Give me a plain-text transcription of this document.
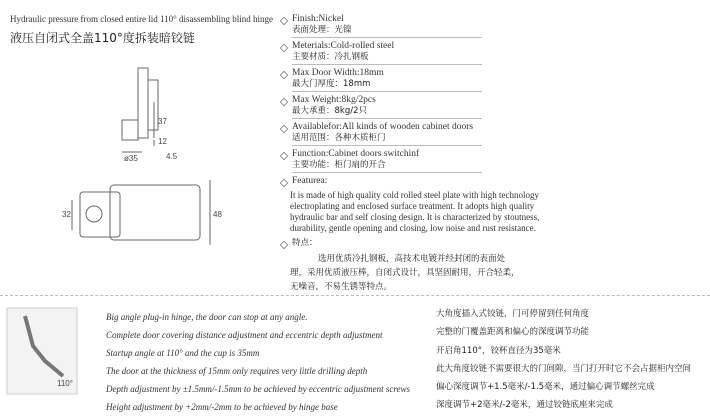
Hydraulic pressure from closed entire lid 110° disassembling blind hinge
液压自闭式全盖110°度拆装暗铰链
37
12
ø35	4.5
32	48
Finish:Nickel
表面处理：光镍
Meterials:Cold-rolled steel
主要材质：冷扎钢板
Max Door Width:18mm
最大门厚度：18mm
Max Weight:8kg/2pcs
最大承重：8kg/2只
Availablefor:All kinds of wooden cabinet doors
适用范围：各种木质柜门
Function:Cabinet doors switchinf
主要功能：柜门扇的开合
Featurea:
It is made of high quality cold rolled steel plate with high technology electroplating and enclosed surface treatment. It adopts high quality hydraulic bar and self closing design. It is characterized by stoutness, durability, gentle opening and closing, low noise and rust resistance.
特点：
选用优质冷扎钢板，高技术电镀并经封闭的表面处理，采用优质液压棒，自闭式设计，具坚固耐用，开合轻柔，无噪音，不易生锈等特点。
110°
Big angle plug-in hinge, the door can stop at any angle.
Complete door covering distance adjustment and eccentric depth adjustment
Startup angle at 110° and the cup is 35mm
The door at the thickness of 15mm only requires very little drilling depth
Depth adjustment by ±1.5mm/-1.5mm to be achieved by eccentric adjustment screws
Height adjustment by +2mm/-2mm to be achieved by hinge base
大角度插入式铰链，门可停留到任何角度
完整的门覆盖距离和偏心的深度调节功能
开启角110°，铰杯直径为35毫米
此大角度铰链不需要很大的门间隙，当门打开时它不会占据柜内空间
偏心深度调节+1.5毫米/-1.5毫米，通过偏心调节螺丝完成
深度调节+2毫米/-2毫米，通过铰链底座来完成
